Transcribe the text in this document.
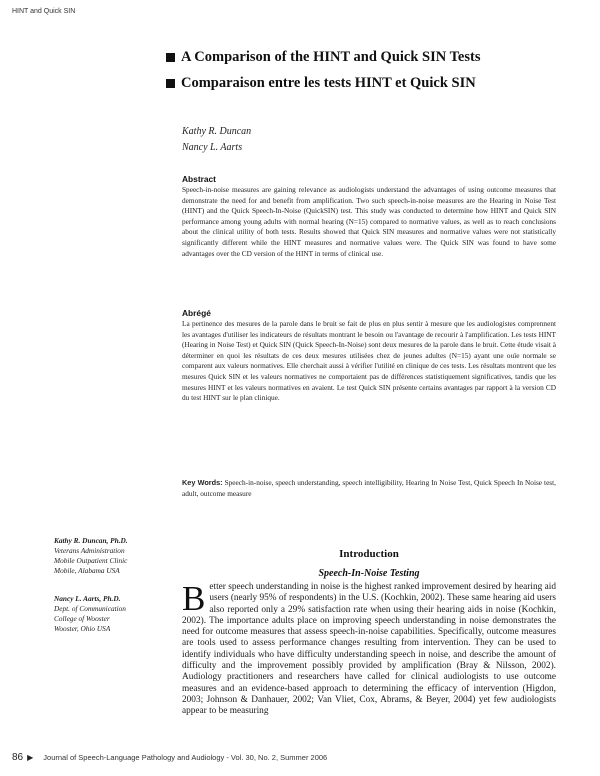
HINT and Quick SIN
A Comparison of the HINT and Quick SIN Tests
Comparaison entre les tests HINT et Quick SIN
Kathy R. Duncan
Nancy L. Aarts
Abstract
Speech-in-noise measures are gaining relevance as audiologists understand the advantages of using outcome measures that demonstrate the need for and benefit from amplification. Two such speech-in-noise measures are the Hearing in Noise Test (HINT) and the Quick Speech-In-Noise (QuickSIN) test. This study was conducted to determine how HINT and Quick SIN performance among young adults with normal hearing (N=15) compared to normative values, as well as to reach conclusions about the clinical utility of both tests. Results showed that Quick SIN measures and normative values were not statistically significantly different while the HINT measures and normative values were. The Quick SIN was found to have some advantages over the CD version of the HINT in terms of clinical use.
Abrégé
La pertinence des mesures de la parole dans le bruit se fait de plus en plus sentir à mesure que les audiologistes comprennent les avantages d'utiliser les indicateurs de résultats montrant le besoin ou l'avantage de recourir à l'amplification. Les tests HINT (Hearing in Noise Test) et Quick SIN (Quick Speech-In-Noise) sont deux mesures de la parole dans le bruit. Cette étude visait à déterminer en quoi les résultats de ces deux mesures utilisées chez de jeunes adultes (N=15) ayant une ouïe normale se comparent aux valeurs normatives. Elle cherchait aussi à vérifier l'utilité en clinique de ces tests. Les résultats montrent que les mesures Quick SIN et les valeurs normatives ne comportaient pas de différences statistiquement significatives, tandis que les mesures HINT et les valeurs normatives en avaient. Le test Quick SIN présente certains avantages par rapport à la version CD du test HINT sur le plan clinique.
Key Words: Speech-in-noise, speech understanding, speech intelligibility, Hearing In Noise Test, Quick Speech In Noise test, adult, outcome measure
Kathy R. Duncan, Ph.D.
Veterans Administration
Mobile Outpatient Clinic
Mobile, Alabama USA
Nancy L. Aarts, Ph.D.
Dept. of Communication
College of Wooster
Wooster, Ohio USA
Introduction
Speech-In-Noise Testing
Better speech understanding in noise is the highest ranked improvement desired by hearing aid users (nearly 95% of respondents) in the U.S. (Kochkin, 2002). These same hearing aid users also reported only a 29% satisfaction rate when using their hearing aids in noise (Kochkin, 2002). The importance adults place on improving speech understanding in noise demonstrates the need for outcome measures that assess speech-in-noise capabilities. Specifically, outcome measures are tools used to assess performance changes resulting from intervention. They can be used to identify individuals who have difficulty understanding speech in noise, and describe the amount of difficulty and the improvement possibly provided by amplification (Bray & Nilsson, 2002). Audiology practitioners and researchers have called for clinical audiologists to use outcome measures and an evidence-based approach to determining the efficacy of intervention (Higdon, 2003; Johnson & Danhauer, 2002; Van Vliet, Cox, Abrams, & Beyer, 2004) yet few audiologists appear to be measuring
86 ▶ Journal of Speech-Language Pathology and Audiology - Vol. 30, No. 2, Summer 2006
